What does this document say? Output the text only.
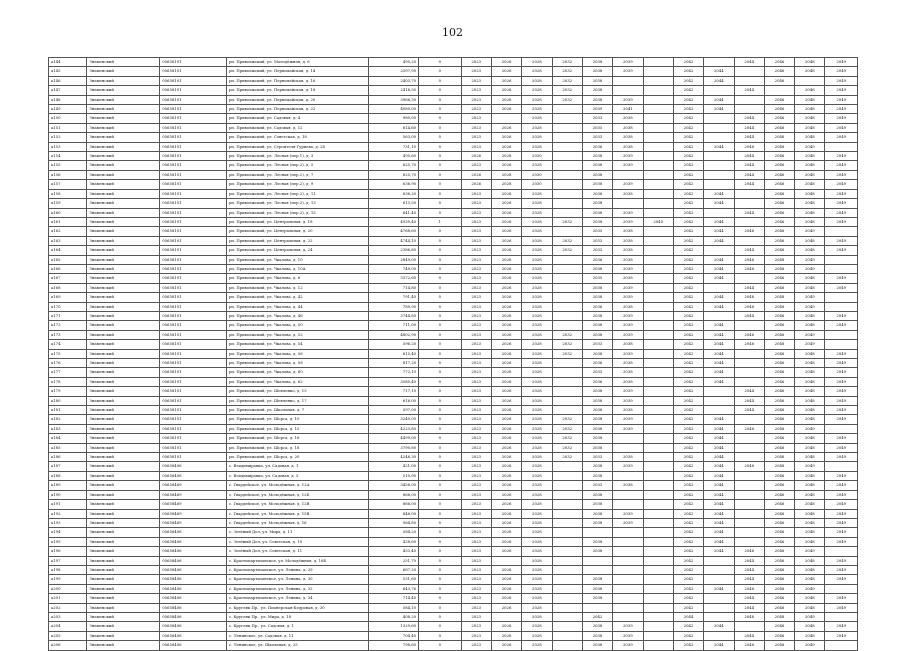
102
a144	Знаменский	05658101	рп. Приволжский, ул. Молодёжная, д. 6	495,20	0	2023	2026	2028	2032	2038	2039		2042		2044	2046	2048	2049
a145	Знаменский	05658101	рп. Приволжский, ул. Первомайская, д. 14	2397,90	0	2023	2026	2028	2032	2038	2039		2042	2044		2046	2048	2049
a146	Знаменский	05658101	рп. Приволжский, ул. Первомайская, д. 16	2403,70	0	2023	2026	2028	2032	2038			2042	2044		2046		2049
a147	Знаменский	05658101	рп. Приволжский, ул. Первомайская, д. 18	2418,50	0	2023	2026	2028	2032	2038			2042		2044		2046	2049
a148	Знаменский	05658101	рп. Приволжский, ул. Первомайская, д. 20	3966,30	0	2023	2026	2028	2032	2038	2039		2042	2044		2046	2048	2049
a149	Знаменский	05658101	рп. Приволжский, ул. Первомайская, д. 22	4080,00	0	2023	2026	2028		2039	2041		2042	2044		2046	2048	2049
a150	Знаменский	05658101	рп. Приволжский, ул. Садовая, д. 4	980,90	0	2023		2028		2033	2038		2042		2044	2046	2048	2049
a151	Знаменский	05658101	рп. Приволжский, ул. Садовая, д. 12	614,60	0	2023	2026	2028		2035	2038		2042		2044	2046	2048	2049
a152	Знаменский	05658101	рп. Приволжский, ул. Советская, д. 18	563,00	0	2023	2026	2028		2033	2038		2042		2044	2046	2048	2049
a153	Знаменский	05658101	рп. Приволжский, ул. Строителя Гуриева, д. 28	731,10	0	2023	2026	2028		2036	2038		2042	2044	2046	2048	2049	
a154	Знаменский	05658101	рп. Приволжский, ул. Лесная (пер.1), д. 3	495,60	0	2026	2028	2030		2038	2039		2042		2044	2046	2048	2049
a155	Знаменский	05658101	рп. Приволжский, ул. Лесная (пер.2), д. 5	625,70	0	2023	2026	2028		2038	2039		2042		2044	2046	2048	2049
a156	Знаменский	05658101	рп. Приволжский, ул. Лесная (пер.2), д. 7	625,70	0	2026	2028	2030		2038			2042		2044	2046	2048	2049
a157	Знаменский	05658101	рп. Приволжский, ул. Лесная (пер.2), д. 9	636,90	0	2026	2028	2030		2038	2039		2042		2044	2046	2048	2049
a158	Знаменский	05658101	рп. Приволжский, ул. Лесная (пер.2), д. 11	636,20	0	2023	2026	2028		2036	2038		2042	2044		2046	2048	2049
a159	Знаменский	05658101	рп. Приволжский, ул. Лесная (пер.2), д. 13	613,50	0	2023	2026	2028		2038			2042	2044		2046	2048	2049
a160	Знаменский	05658101	рп. Приволжский, ул. Лесная (пер.2), д. 15	641,40	0	2023	2026	2028		2038	2039		2042		2044	2046	2048	2049
a161	Знаменский	05658101	рп. Приволжский, ул. Центральная, д. 18	4939,40	1	2023	2026	2028	2032	2038	2039	2040	2042	2044		2046	2048	2049
a162	Знаменский	05658101	рп. Приволжский, ул. Центральная, д. 20	4768,60	0	2023	2026	2028		2033	2038		2042	2044	2046	2048	2049	
a163	Знаменский	05658101	рп. Приволжский, ул. Центральная, д. 22	4744,10	0	2023	2026	2028	2032	2033	2038		2042	2044		2046	2048	2049
a164	Знаменский	05658101	рп. Приволжский, ул. Центральная, д. 24	2386,80	0	2023	2026	2028	2032	2033	2038		2042		2044	2046	2048	2049
a165	Знаменский	05658101	рп. Приволжский, ул. Чкалова, д. 10	2849,00	0	2023	2026	2028		2036	2038		2042	2044	2046	2048	2049	
a166	Знаменский	05658101	рп. Приволжский, ул. Чкалова, д. 10А	749,00	0	2023	2026	2028		2038	2039		2042	2044	2046	2048	2049	
a167	Знаменский	05658101	рп. Приволжский, ул. Чкалова, д. 6	3372,60	0	2023	2026	2028		2035	2038		2042	2044		2046	2048	2049
a168	Знаменский	05658101	рп. Приволжский, ул. Чкалова, д. 12	714,80	0	2023	2026	2028		2038	2039		2042		2044	2046	2048	2049
a169	Знаменский	05658101	рп. Приволжский, ул. Чкалова, д. 42	791,40	0	2023	2026	2028		2038	2039		2042	2044	2046	2048	2049	
a170	Знаменский	05658101	рп. Приволжский, ул. Чкалова, д. 44	789,90	0	2023	2026	2028		2036	2038		2042	2044	2046	2048	2049	
a171	Знаменский	05658101	рп. Приволжский, ул. Чкалова, д. 46	3744,80	0	2023	2026	2028		2038	2039		2042		2044	2046	2048	2049
a172	Знаменский	05658101	рп. Приволжский, ул. Чкалова, д. 50	711,00	0	2023	2026	2028		2038	2039		2042	2044		2046	2048	2049
a173	Знаменский	05658101	рп. Приволжский, ул. Чкалова, д. 52	4802,90	0	2023	2026	2028	2032	2038	2039		2042	2044	2046	2048	2049	
a174	Знаменский	05658101	рп. Приволжский, ул. Чкалова, д. 54	596,20	0	2023	2026	2028	2032	2033	2038		2042	2044	2046	2048	2049	
a175	Знаменский	05658101	рп. Приволжский, ул. Чкалова, д. 56	615,40	0	2023	2026	2028	2032	2038	2039		2042	2044		2046	2048	2049
a176	Знаменский	05658101	рп. Приволжский, ул. Чкалова, д. 58	817,20	0	2023	2026	2028		2036	2038		2042	2044		2046	2048	2049
a177	Знаменский	05658101	рп. Приволжский, ул. Чкалова, д. 60	772,10	0	2023	2026	2028		2033	2038		2042	2044		2046	2048	2049
a178	Знаменский	05658101	рп. Приволжский, ул. Чкалова, д. 62	3580,40	0	2023	2026	2028		2036	2038		2042	2044		2046	2048	2049
a179	Знаменский	05658101	рп. Приволжский, ул. Шевченко, д. 15	717,10	0	2023	2026	2028		2038	2039		2042		2044	2046	2048	2049
a180	Знаменский	05658101	рп. Приволжский, ул. Шевченко, д. 17	616,00	0	2023	2026	2028		2038	2039		2042		2044	2046	2048	2049
a181	Знаменский	05658101	рп. Приволжский, ул. Школьная, д. 7	597,00	0	2023	2026	2028		2036	2038		2042		2044	2046	2048	2049
a182	Знаменский	05658101	рп. Приволжский, ул. Шорса, д. 10	3245,00	0	2023	2026	2028	2032	2038	2039		2042	2044		2046	2048	2049
a183	Знаменский	05658101	рп. Приволжский, ул. Шорса, д. 15	4223,80	0	2023	2026	2028	2032	2038	2039		2042	2044	2046	2048	2049	
a184	Знаменский	05658101	рп. Приволжский, ул. Шорса, д. 16	4499,00	0	2023	2026	2028	2032	2038			2042	2044		2046	2048	2049
a185	Знаменский	05658101	рп. Приволжский, ул. Шорса, д. 18	3790,80	0	2023	2026	2028	2032	2038			2042	2044		2046	2048	2049
a186	Знаменский	05658101	рп. Приволжский, ул. Шорса, д. 20	4246,30	0	2023	2026	2028	2032	2033	2038		2042	2044		2046	2048	2049
a187	Знаменский	05658406	с. Владимировка, ул. Садовая, д. 1	421,00	0	2023	2026	2028		2038	2039		2042	2044	2046	2048	2049	
a188	Знаменский	05658406	с. Владимировка, ул. Садовая, д. 5	510,90	0	2023	2026	2028		2038			2042	2044		2046	2048	2049
a189	Знаменский	05658469	с. Гвардейское, ул. Молодёжная, д. 12А	3456,00	0	2023	2026	2028		2033	2038		2042	2044		2046	2048	2049
a190	Знаменский	05658469	с. Гвардейское, ул. Молодёжная, д. 12Б	866,00	0	2023	2026	2028		2038			2042	2044		2046	2048	2049
a191	Знаменский	05658469	с. Гвардейское, ул. Молодёжная, д. 12В	866,00	0	2023	2026	2028		2038			2042	2044		2046	2048	2049
a192	Знаменский	05658469	с. Гвардейское, ул. Молодёжная, д. 15В	846,00	0	2023	2026	2028		2038	2039		2042	2044		2046	2048	2049
a193	Знаменский	05658469	с. Гвардейское, ул. Молодёжная, д. 16	964,80	0	2023	2026	2028		2038	2039		2042	2044		2046	2048	2049
a194	Знаменский	05658406	с. Зелёный Дол, ул. Мира, д. 11	584,20	0	2023	2026	2028					2042	2044		2046	2048	2049
a195	Знаменский	05658406	с. Зелёный Дол, ул. Советская, д. 10	428,60	0	2023	2026	2028		2038			2042	2044		2046	2048	2049
a196	Знаменский	05658406	с. Зелёный Дол, ул. Советская, д. 11	433,40	0	2023	2026	2028		2038			2042	2044	2046	2048	2049	
a197	Знаменский	05658406	с. Краснопартизанское, ул. Молодёжная, д. 16Б	251,70	0	2023		2028					2042		2044	2046	2048	2049
a198	Знаменский	05658406	с. Краснопартизанское, ул. Ленина, д. 29	687,20	0	2023	2026	2028					2042		2044	2046	2048	2049
a199	Знаменский	05658406	с. Краснопартизанское, ул. Ленина, д. 30	531,60	0	2023	2026	2028		2038			2042		2044	2046	2048	2049
a200	Знаменский	05658406	с. Краснопартизанское, ул. Ленина, д. 32	643,76	0	2023	2026	2028		2038			2042	2044	2046	2048	2049	
a201	Знаменский	05658406	с. Краснопартизанское, ул. Ленина, д. 34	714,40	0	2023	2026	2028		2038			2042		2044	2046	2048	2049
a202	Знаменский	05658406	с. Кругляк Пр., ул. Пионерская-Кедровая, д. 30	584,10	0	2023	2026	2028					2042		2044	2046	2048	2049
a203	Знаменский	05658406	с. Кругляк Пр., ул. Мира, д. 18	408,20	0	2023		2028		2042			2044		2046	2048	2049	
a204	Знаменский	05658406	с. Кругляк Пр., ул. Садовая, д. 1	1329,60	0	2023	2026	2028		2038	2039		2042	2044		2046	2048	2049
a205	Знаменский	05658406	с. Ленинское, ул. Садовая, д. 11	704,40	0	2023	2026	2028		2038	2039		2042		2044	2046	2048	2049
a206	Знаменский	05658406	с. Ленинское, ул. Школьная, д. 25	798,60	0	2023	2026	2028		2038	2039		2042	2044	2046	2048	2049	
